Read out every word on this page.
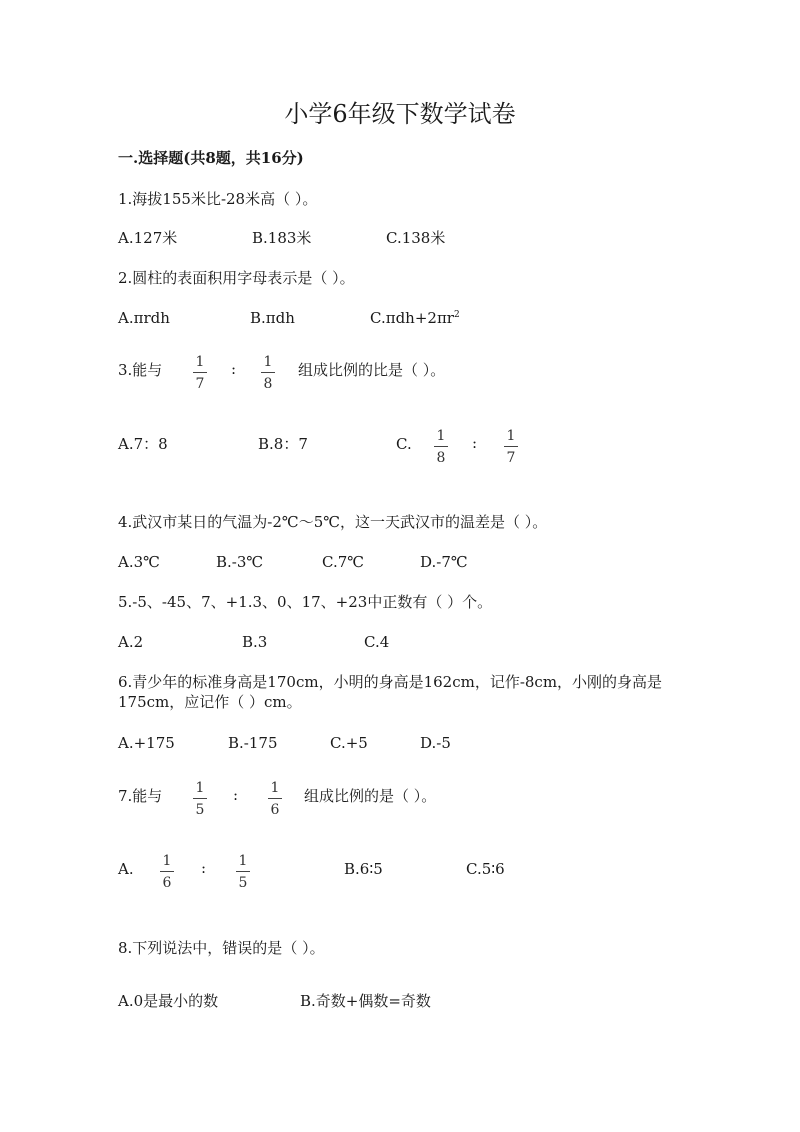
小学6年级下数学试卷
一.选择题(共8题，共16分)
1.海拔155米比-28米高（ ）。
A.127米	B.183米	C.138米
2.圆柱的表面积用字母表示是（ ）。
A.πrdh	B.πdh	$C.\pi dh+2\pi r^2$
3.能与 1
7
: 1
8
组成比例的比是（ ）。
A.7：8	B.8：7	C. 1
8
: 1
7
4.武汉市某日的气温为-2℃～5℃，这一天武汉市的温差是（ ）。
A.3℃	B.-3℃	C.7℃	D.-7℃
5.-5、-45、7、+1.3、0、17、+23中正数有（ ）个。
A.2	B.3	C.4
6.青少年的标准身高是170cm，小明的身高是162cm，记作-8cm，小刚的身高是
175cm，应记作（ ）cm。
A.+175	B.-175	C.+5	D.-5
7.能与 1
5
: 1
6
组成比例的是（ ）。
A. 1
6
: 1
5
B.6∶5	C.5∶6
8.下列说法中，错误的是（ ）。
A.0是最小的数	B.奇数+偶数=奇数
